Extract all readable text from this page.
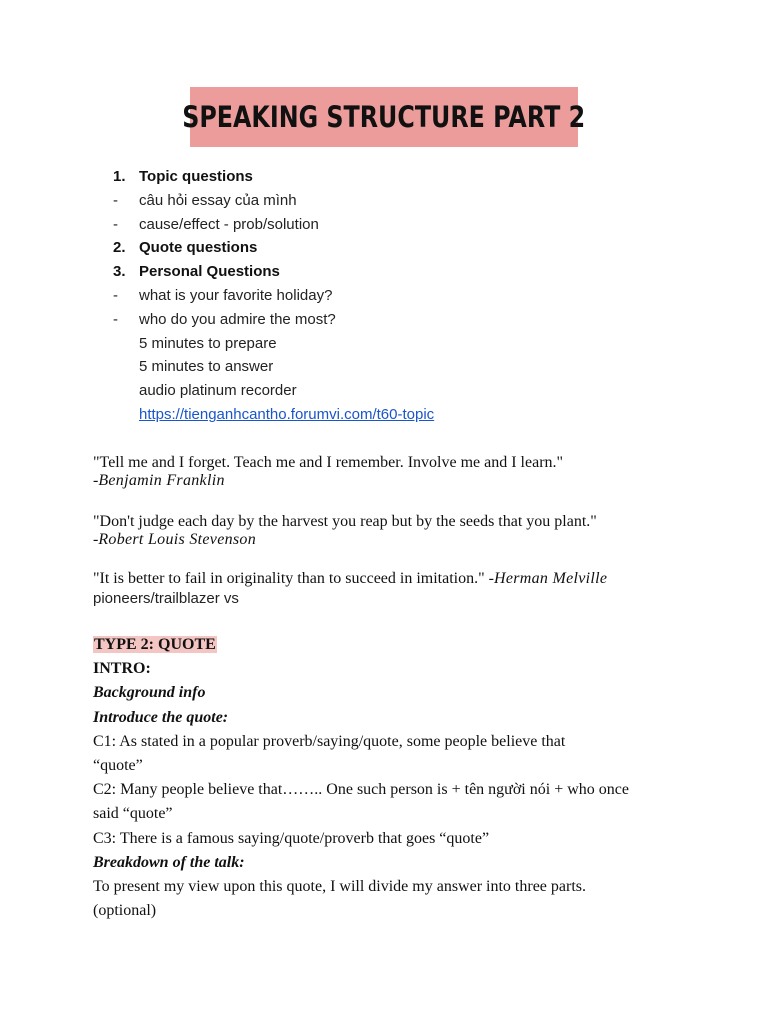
SPEAKING STRUCTURE PART 2
1. Topic questions
-	câu hỏi essay của mình
-	cause/effect - prob/solution
2. Quote questions
3. Personal Questions
-	what is your favorite holiday?
-	who do you admire the most?
5 minutes to prepare
5 minutes to answer
audio platinum recorder
https://tienganhcantho.forumvi.com/t60-topic
"Tell me and I forget. Teach me and I remember. Involve me and I learn."
-Benjamin Franklin
"Don't judge each day by the harvest you reap but by the seeds that you plant."
-Robert Louis Stevenson
"It is better to fail in originality than to succeed in imitation." -Herman Melville
pioneers/trailblazer vs
TYPE 2: QUOTE
INTRO:
Background info
Introduce the quote:
C1: As stated in a popular proverb/saying/quote, some people believe that
“quote”
C2: Many people believe that…….. One such person is + tên người nói + who once
said “quote”
C3: There is a famous saying/quote/proverb that goes “quote”
Breakdown of the talk:
To present my view upon this quote, I will divide my answer into three parts.
(optional)
